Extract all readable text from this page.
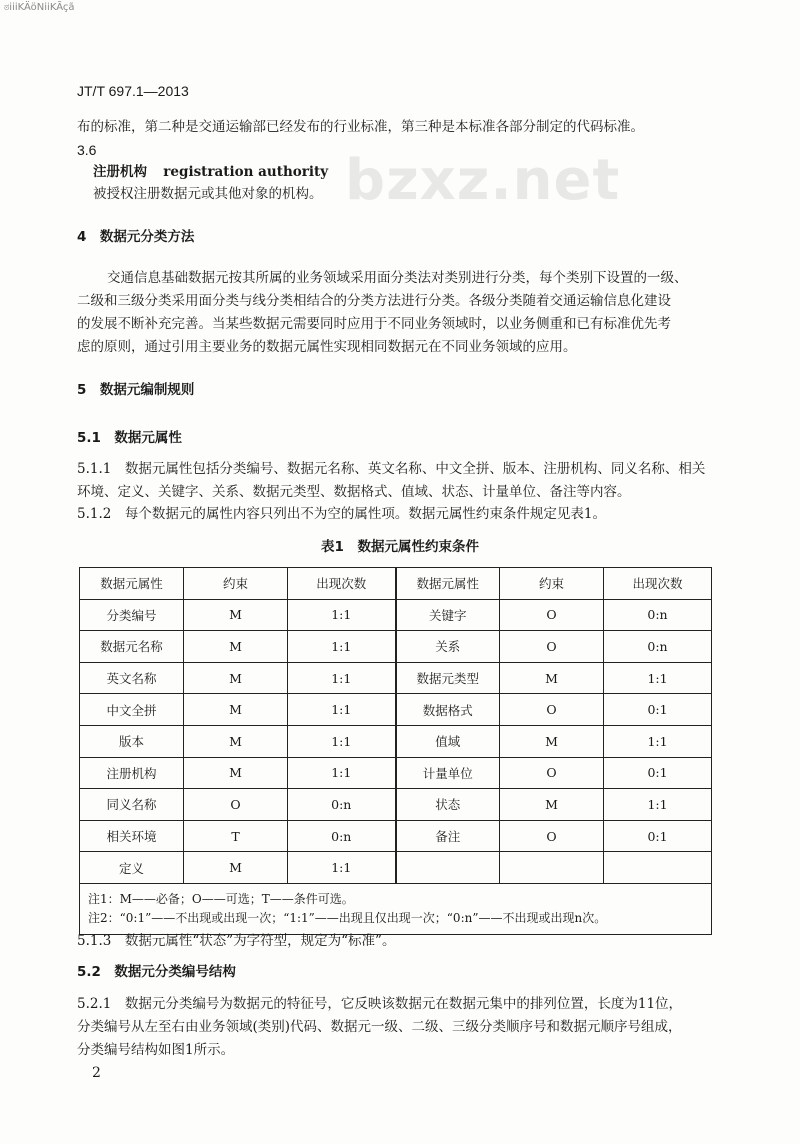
ಠiiiKÄöNiiKÃçã
bzxz.net
JT/T 697.1—2013
布的标准，第二种是交通运输部已经发布的行业标准，第三种是本标准各部分制定的代码标准。
3.6
注册机构 registration authority
被授权注册数据元或其他对象的机构。
4　数据元分类方法
交通信息基础数据元按其所属的业务领域采用面分类法对类别进行分类，每个类别下设置的一级、
二级和三级分类采用面分类与线分类相结合的分类方法进行分类。各级分类随着交通运输信息化建设
的发展不断补充完善。当某些数据元需要同时应用于不同业务领域时，以业务侧重和已有标准优先考
虑的原则，通过引用主要业务的数据元属性实现相同数据元在不同业务领域的应用。
5　数据元编制规则
5.1　数据元属性
5.1.1　数据元属性包括分类编号、数据元名称、英文名称、中文全拼、版本、注册机构、同义名称、相关
环境、定义、关键字、关系、数据元类型、数据格式、值域、状态、计量单位、备注等内容。
5.1.2　每个数据元的属性内容只列出不为空的属性项。数据元属性约束条件规定见表1。
表1　数据元属性约束条件
数据元属性	约束	出现次数	数据元属性	约束	出现次数
分类编号	M	1:1	关键字	O	0:n
数据元名称	M	1:1	关系	O	0:n
英文名称	M	1:1	数据元类型	M	1:1
中文全拼	M	1:1	数据格式	O	0:1
版本	M	1:1	值域	M	1:1
注册机构	M	1:1	计量单位	O	0:1
同义名称	O	0:n	状态	M	1:1
相关环境	T	0:n	备注	O	0:1
定义	M	1:1			

注1：M——必备；O——可选；T——条件可选。
注2：“0:1”——不出现或出现一次；“1:1”——出现且仅出现一次；“0:n”——不出现或出现n次。					
5.1.3　数据元属性“状态”为字符型，规定为“标准”。
5.2　数据元分类编号结构
5.2.1　数据元分类编号为数据元的特征号，它反映该数据元在数据元集中的排列位置，长度为11位，
分类编号从左至右由业务领域(类别)代码、数据元一级、二级、三级分类顺序号和数据元顺序号组成，
分类编号结构如图1所示。
2
